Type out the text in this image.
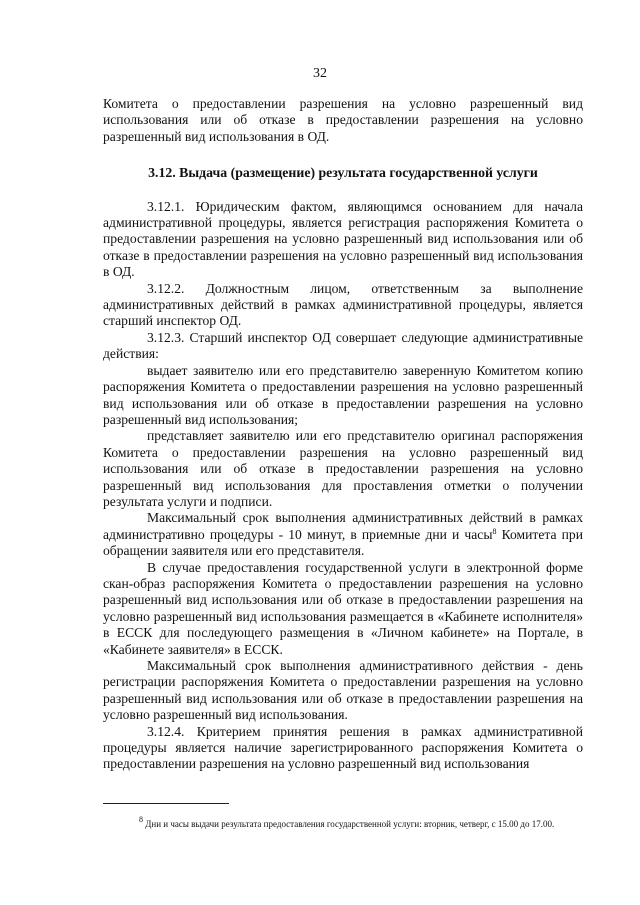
32

Комитета о предоставлении разрешения на условно разрешенный вид использования или об отказе в предоставлении разрешения на условно разрешенный вид использования в ОД.

3.12. Выдача (размещение) результата государственной услуги

3.12.1. Юридическим фактом, являющимся основанием для начала административной процедуры, является регистрация распоряжения Комитета о предоставлении разрешения на условно разрешенный вид использования или об отказе в предоставлении разрешения на условно разрешенный вид использования в ОД.

3.12.2. Должностным лицом, ответственным за выполнение административных действий в рамках административной процедуры, является старший инспектор ОД.

3.12.3. Старший инспектор ОД совершает следующие административные действия:

выдает заявителю или его представителю заверенную Комитетом копию распоряжения Комитета о предоставлении разрешения на условно разрешенный вид использования или об отказе в предоставлении разрешения на условно разрешенный вид использования;

представляет заявителю или его представителю оригинал распоряжения Комитета о предоставлении разрешения на условно разрешенный вид использования или об отказе в предоставлении разрешения на условно разрешенный вид использования для проставления отметки о получении результата услуги и подписи.

Максимальный срок выполнения административных действий в рамках административно процедуры - 10 минут, в приемные дни и часы$^8$ Комитета при обращении заявителя или его представителя.

В случае предоставления государственной услуги в электронной форме скан-образ распоряжения Комитета о предоставлении разрешения на условно разрешенный вид использования или об отказе в предоставлении разрешения на условно разрешенный вид использования размещается в «Кабинете исполнителя» в ЕССК для последующего размещения в «Личном кабинете» на Портале, в «Кабинете заявителя» в ЕССК.

Максимальный срок выполнения административного действия - день регистрации распоряжения Комитета о предоставлении разрешения на условно разрешенный вид использования или об отказе в предоставлении разрешения на условно разрешенный вид использования.

3.12.4. Критерием принятия решения в рамках административной процедуры является наличие зарегистрированного распоряжения Комитета о предоставлении разрешения на условно разрешенный вид использования

$^8$ Дни и часы выдачи результата предоставления государственной услуги: вторник, четверг, с 15.00 до 17.00.
